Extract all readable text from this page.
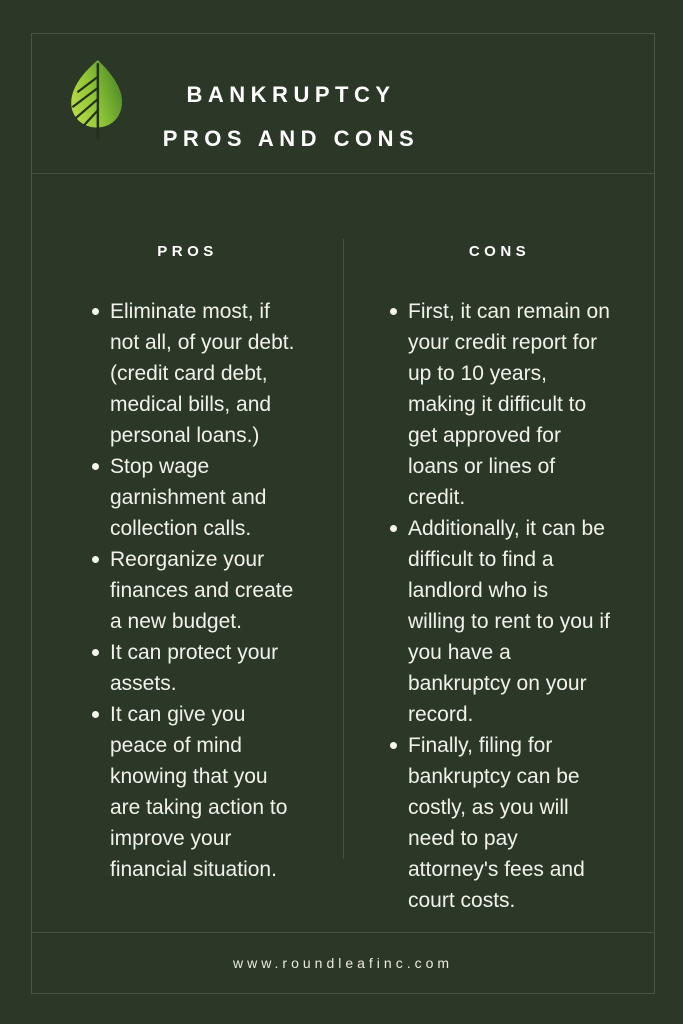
BANKRUPTCY
PROS AND CONS
PROS	CONS
Eliminate most, if not all, of your debt. (credit card debt, medical bills, and personal loans.)
Stop wage garnishment and collection calls.
Reorganize your finances and create a new budget.
It can protect your assets.
It can give you peace of mind knowing that you are taking action to improve your financial situation.
First, it can remain on your credit report for up to 10 years, making it difficult to get approved for loans or lines of credit.
Additionally, it can be difficult to find a landlord who is willing to rent to you if you have a bankruptcy on your record.
Finally, filing for bankruptcy can be costly, as you will need to pay attorney's fees and court costs.
www.roundleafinc.com
